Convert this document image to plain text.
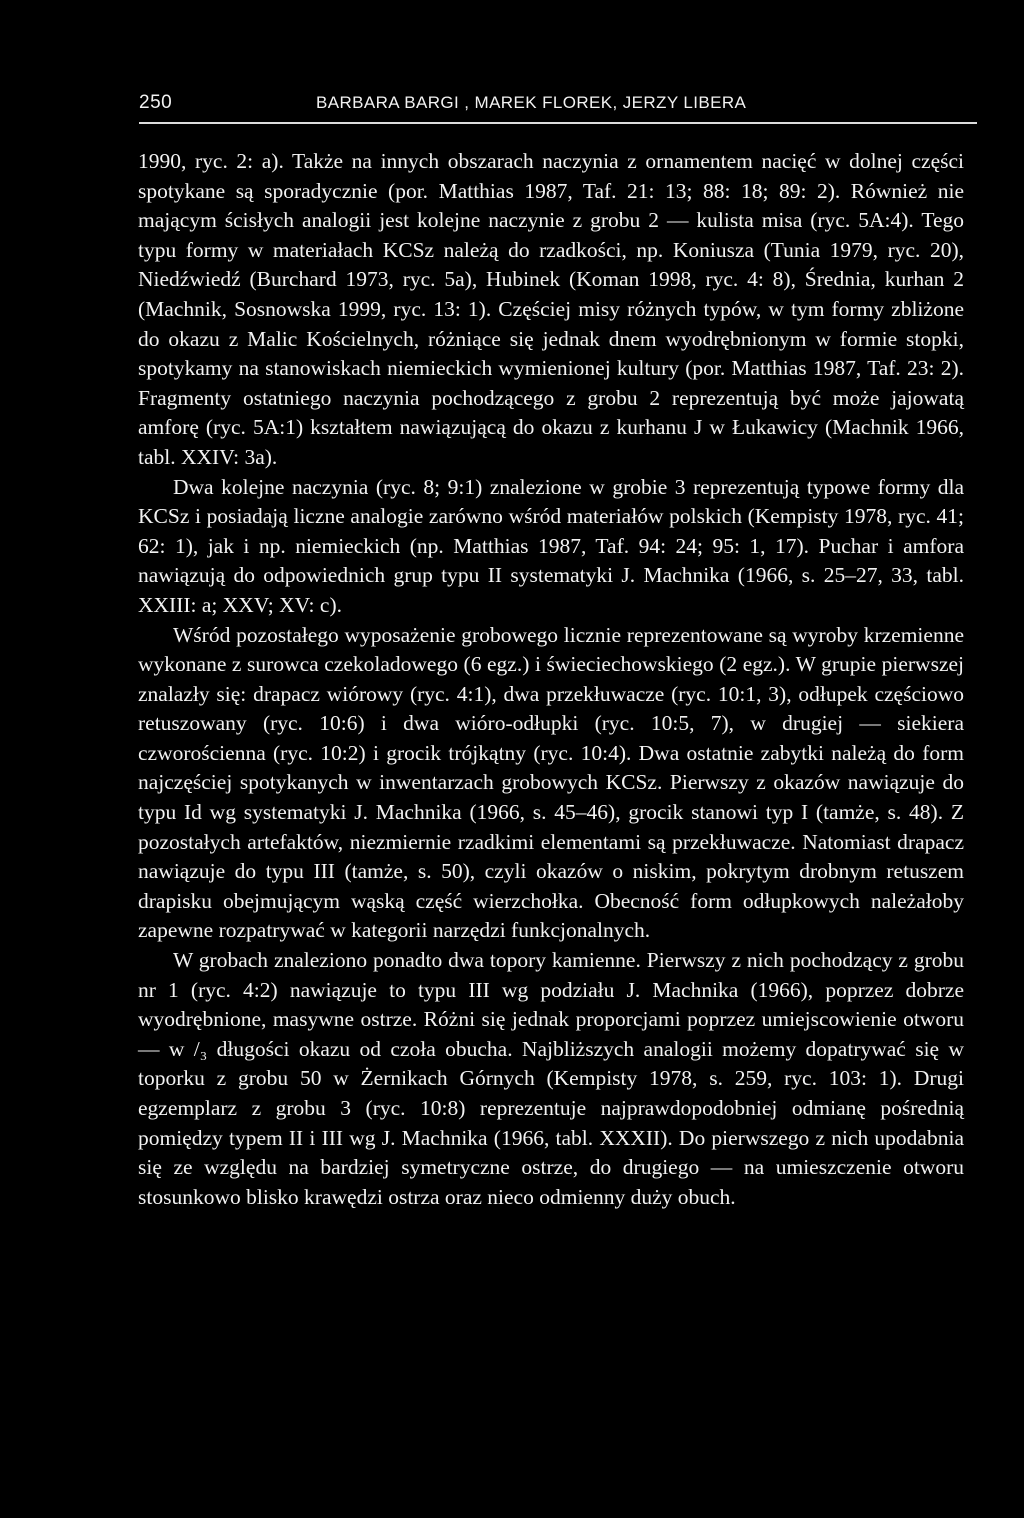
250	BARBARA BARGI , MAREK FLOREK, JERZY LIBERA

1990, ryc. 2: a). Także na innych obszarach naczynia z ornamentem nacięć w dolnej części spotykane są sporadycznie (por. Matthias 1987, Taf. 21: 13; 88: 18; 89: 2). Również nie mającym ścisłych analogii jest kolejne naczynie z grobu 2 — kulista misa (ryc. 5A:4). Tego typu formy w materiałach KCSz należą do rzadkości, np. Koniusza (Tunia 1979, ryc. 20), Niedźwiedź (Burchard 1973, ryc. 5a), Hubinek (Koman 1998, ryc. 4: 8), Średnia, kurhan 2 (Machnik, Sosnowska 1999, ryc. 13: 1). Częściej misy różnych typów, w tym formy zbliżone do okazu z Malic Kościelnych, różniące się jednak dnem wyodrębnionym w formie stopki, spotykamy na stanowiskach niemieckich wymienionej kultury (por. Matthias 1987, Taf. 23: 2). Fragmenty ostatniego naczynia pochodzącego z grobu 2 reprezentują być może jajowatą amforę (ryc. 5A:1) kształtem nawiązującą do okazu z kurhanu J w Łukawicy (Machnik 1966, tabl. XXIV: 3a).

Dwa kolejne naczynia (ryc. 8; 9:1) znalezione w grobie 3 reprezentują typowe formy dla KCSz i posiadają liczne analogie zarówno wśród materiałów polskich (Kempisty 1978, ryc. 41; 62: 1), jak i np. niemieckich (np. Matthias 1987, Taf. 94: 24; 95: 1, 17). Puchar i amfora nawiązują do odpowiednich grup typu II systematyki J. Machnika (1966, s. 25–27, 33, tabl. XXIII: a; XXV; XV: c).

Wśród pozostałego wyposażenie grobowego licznie reprezentowane są wyroby krzemienne wykonane z surowca czekoladowego (6 egz.) i świeciechowskiego (2 egz.). W grupie pierwszej znalazły się: drapacz wiórowy (ryc. 4:1), dwa przekłuwacze (ryc. 10:1, 3), odłupek częściowo retuszowany (ryc. 10:6) i dwa wióro-odłupki (ryc. 10:5, 7), w drugiej — siekiera czworościenna (ryc. 10:2) i grocik trójkątny (ryc. 10:4). Dwa ostatnie zabytki należą do form najczęściej spotykanych w inwentarzach grobowych KCSz. Pierwszy z okazów nawiązuje do typu Id wg systematyki J. Machnika (1966, s. 45–46), grocik stanowi typ I (tamże, s. 48). Z pozostałych artefaktów, niezmiernie rzadkimi elementami są przekłuwacze. Natomiast drapacz nawiązuje do typu III (tamże, s. 50), czyli okazów o niskim, pokrytym drobnym retuszem drapisku obejmującym wąską część wierzchołka. Obecność form odłupkowych należałoby zapewne rozpatrywać w kategorii narzędzi funkcjonalnych.

W grobach znaleziono ponadto dwa topory kamienne. Pierwszy z nich pochodzący z grobu nr 1 (ryc. 4:2) nawiązuje to typu III wg podziału J. Machnika (1966), poprzez dobrze wyodrębnione, masywne ostrze. Różni się jednak proporcjami poprzez umiejscowienie otworu — w /₃ długości okazu od czoła obucha. Najbliższych analogii możemy dopatrywać się w toporku z grobu 50 w Żernikach Górnych (Kempisty 1978, s. 259, ryc. 103: 1). Drugi egzemplarz z grobu 3 (ryc. 10:8) reprezentuje najprawdopodobniej odmianę pośrednią pomiędzy typem II i III wg J. Machnika (1966, tabl. XXXII). Do pierwszego z nich upodabnia się ze względu na bardziej symetryczne ostrze, do drugiego — na umieszczenie otworu stosunkowo blisko krawędzi ostrza oraz nieco odmienny duży obuch.
